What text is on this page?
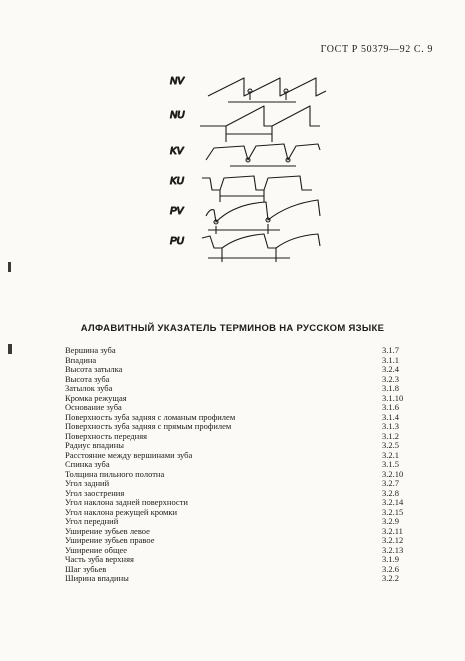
ГОСТ Р 50379—92 С. 9
NV
NU
KV
KU
PV
PU
АЛФАВИТНЫЙ УКАЗАТЕЛЬ ТЕРМИНОВ НА РУССКОМ ЯЗЫКЕ
Вершина зуба	3.1.7
Впадина	3.1.1
Высота затылка	3.2.4
Высота зуба	3.2.3
Затылок зуба	3.1.8
Кромка режущая	3.1.10
Основание зуба	3.1.6
Поверхность зуба задняя с ломаным профилем	3.1.4
Поверхность зуба задняя с прямым профилем	3.1.3
Поверхность передняя	3.1.2
Радиус впадины	3.2.5
Расстояние между вершинами зуба	3.2.1
Спинка зуба	3.1.5
Толщина пильного полотна	3.2.10
Угол задний	3.2.7
Угол заострения	3.2.8
Угол наклона задней поверхности	3.2.14
Угол наклона режущей кромки	3.2.15
Угол передний	3.2.9
Уширение зубьев левое	3.2.11
Уширение зубьев правое	3.2.12
Уширение общее	3.2.13
Часть зуба верхняя	3.1.9
Шаг зубьев	3.2.6
Ширина впадины	3.2.2
